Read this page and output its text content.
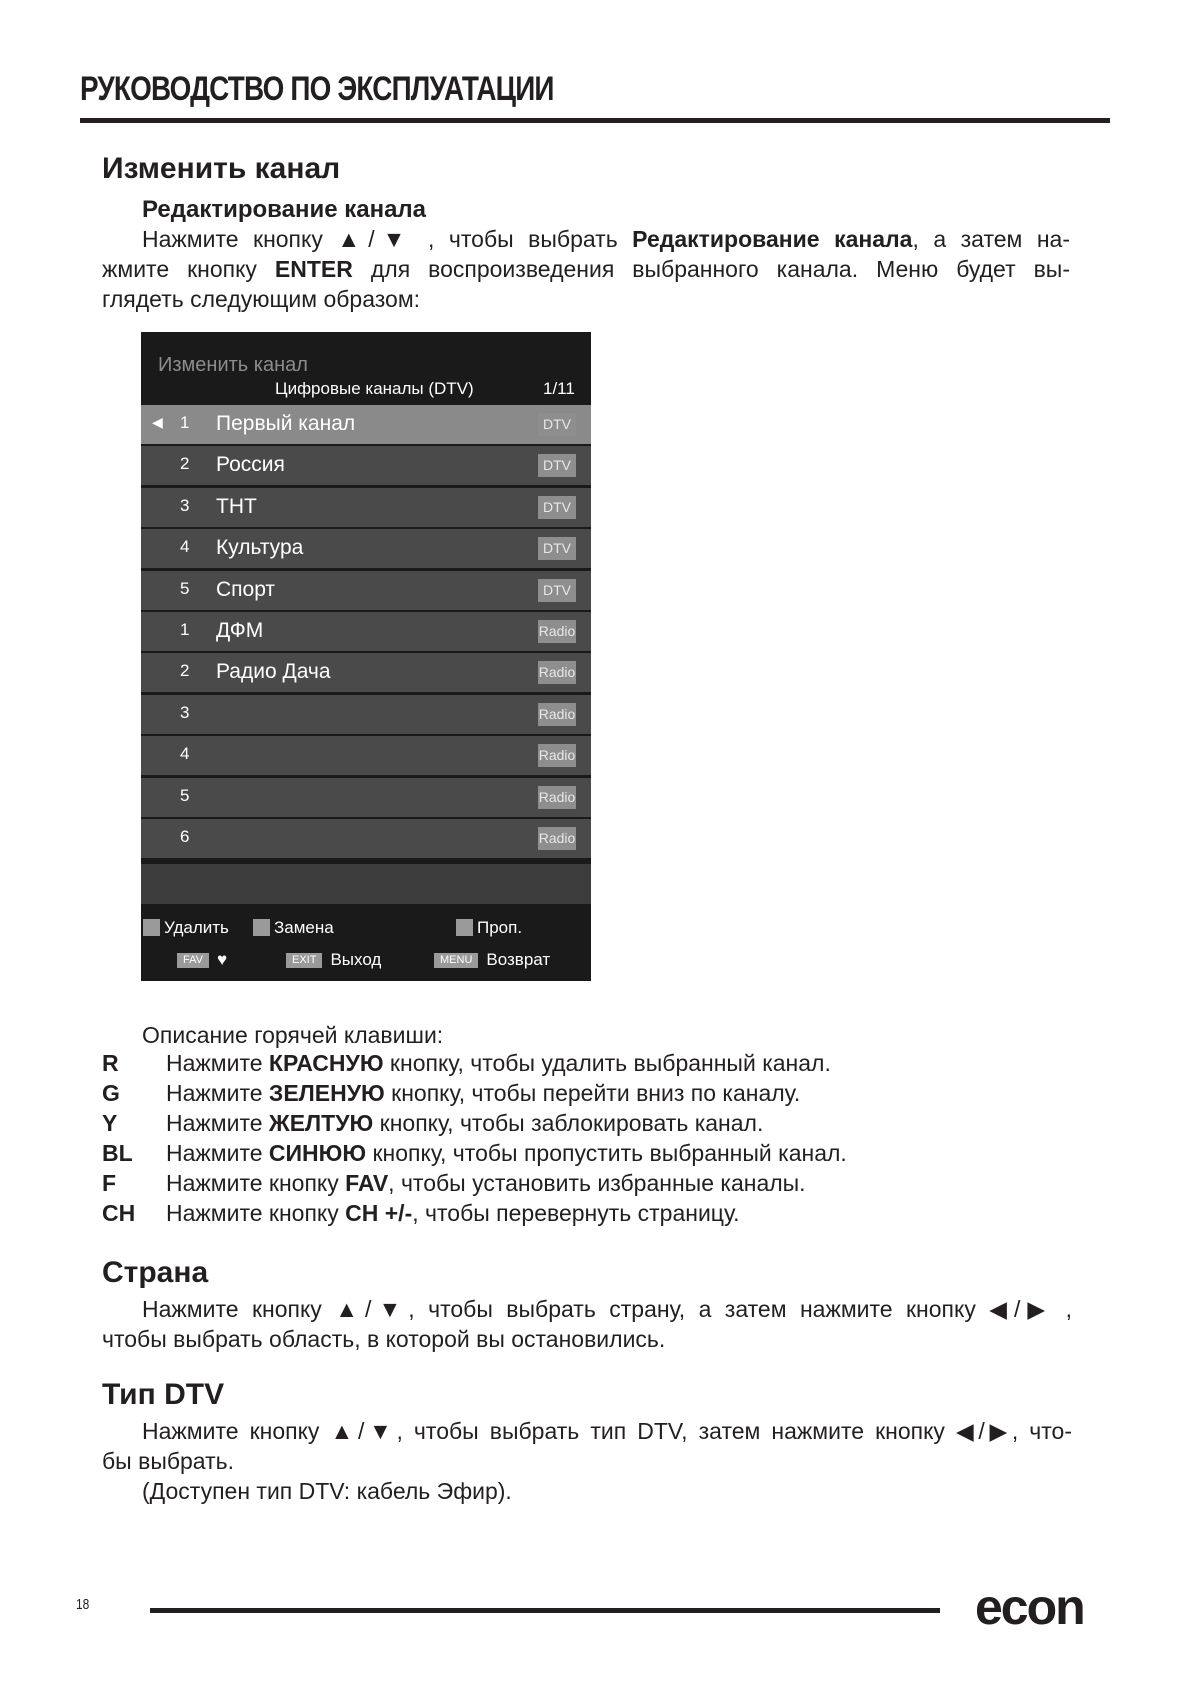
РУКОВОДСТВО ПО ЭКСПЛУАТАЦИИ
Изменить канал
Редактирование канала
Нажмите кнопку ▲/▼ , чтобы выбрать Редактирование канала, а затем на-
жмите кнопку ENTER для воспроизведения выбранного канала. Меню будет вы-
глядеть следующим образом:
Изменить канал
Цифровые каналы (DTV)	1/11
◀ 1 Первый канал	DTV
2 Россия	DTV
3 ТНТ	DTV
4 Культура	DTV
5 Спорт	DTV
1 ДФМ	Radio
2 Радио Дача	Radio
3	Radio
4	Radio
5	Radio
6	Radio
Удалить	Замена	Проп.
FAV ♥	EXIT Выход	MENU Возврат
Описание горячей клавиши:
R Нажмите КРАСНУЮ кнопку, чтобы удалить выбранный канал.
G Нажмите ЗЕЛЕНУЮ кнопку, чтобы перейти вниз по каналу.
Y Нажмите ЖЕЛТУЮ кнопку, чтобы заблокировать канал.
BL Нажмите СИНЮЮ кнопку, чтобы пропустить выбранный канал.
F Нажмите кнопку FAV, чтобы установить избранные каналы.
CH Нажмите кнопку CH +/-, чтобы перевернуть страницу.
Страна
Нажмите кнопку ▲/▼, чтобы выбрать страну, а затем нажмите кнопку ◀/▶ ,
чтобы выбрать область, в которой вы остановились.
Тип DTV
Нажмите кнопку ▲/▼, чтобы выбрать тип DTV, затем нажмите кнопку ◀/▶, что-
бы выбрать.
(Доступен тип DTV: кабель Эфир).
18	econ
